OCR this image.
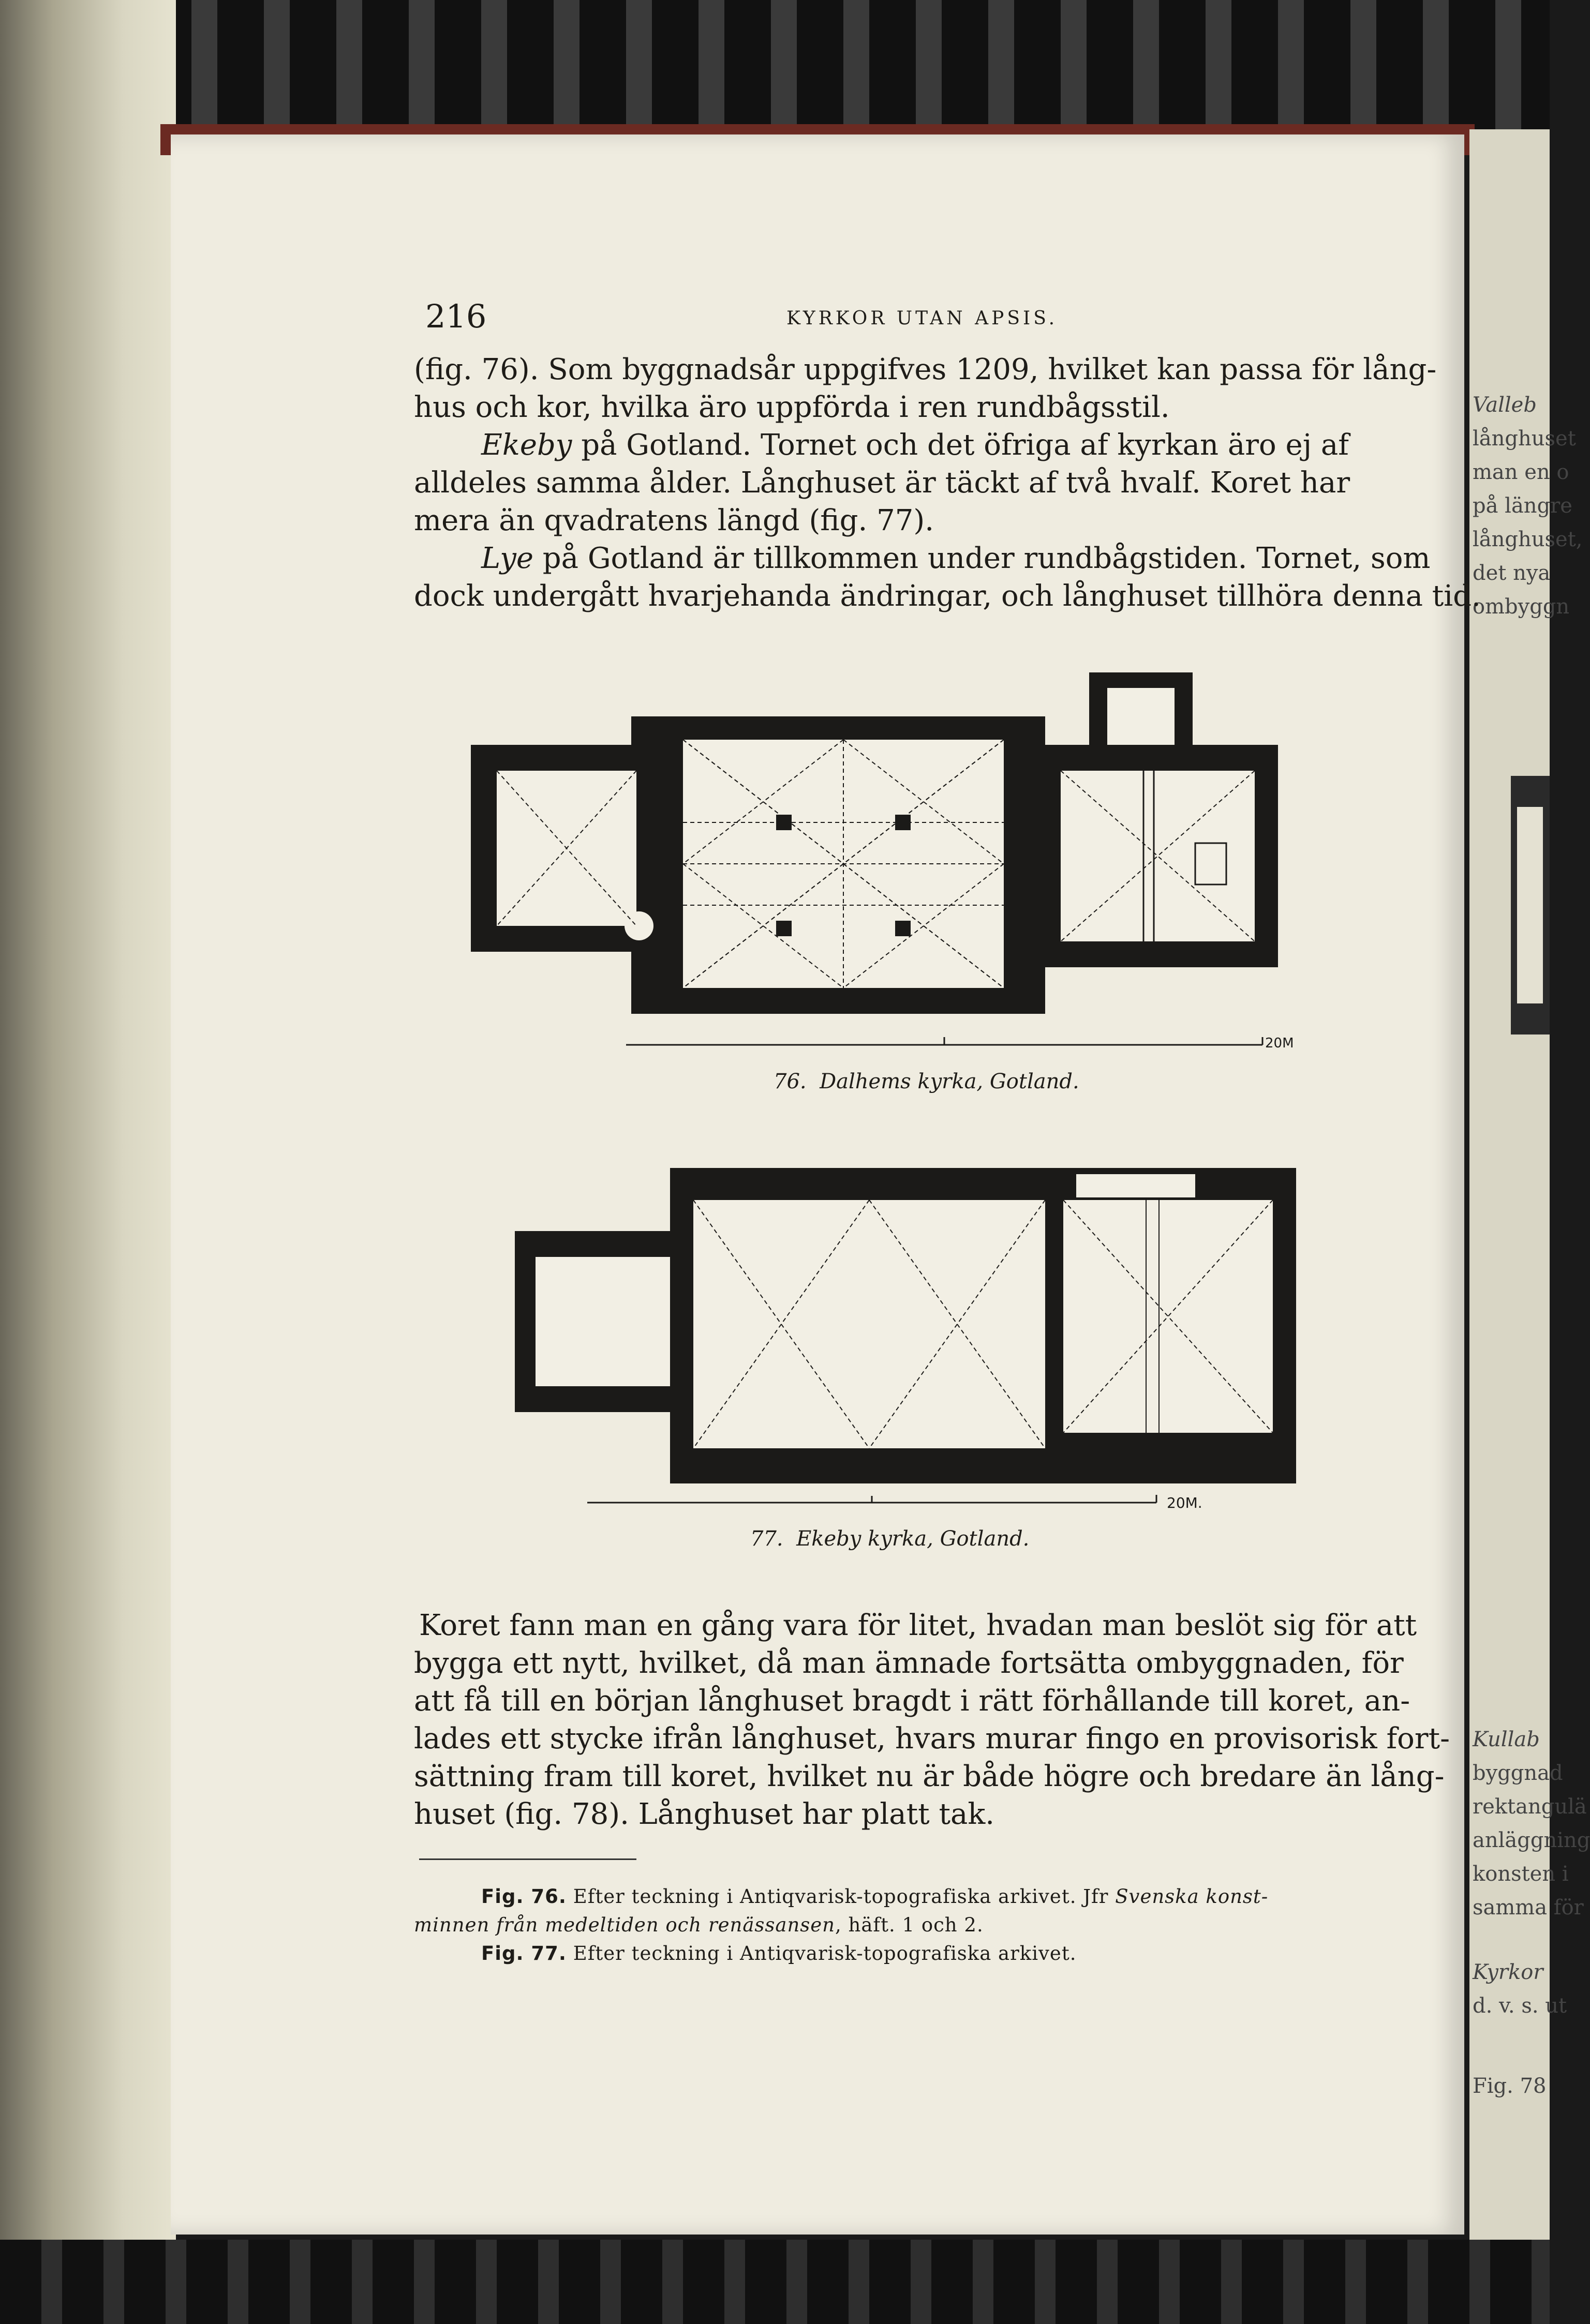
Valleb
långhuset
man en o
på längre
långhuset,
det nya
ombyggn
Kullab
byggnad
rektangulä
anläggning
konsten i
samma för
Kyrkor
d. v. s. ut
Fig. 78
216	KYRKOR UTAN APSIS.
(fig. 76). Som byggnadsår uppgifves 1209, hvilket kan passa för lång-
hus och kor, hvilka äro uppförda i ren rundbågsstil.
Ekeby på Gotland. Tornet och det öfriga af kyrkan äro ej af
alldeles samma ålder. Långhuset är täckt af två hvalf. Koret har
mera än qvadratens längd (fig. 77).
Lye på Gotland är tillkommen under rundbågstiden. Tornet, som
dock undergått hvarjehanda ändringar, och långhuset tillhöra denna tid.
20M
76. Dalhems kyrka, Gotland.
20M.
77. Ekeby kyrka, Gotland.
Koret fann man en gång vara för litet, hvadan man beslöt sig för att
bygga ett nytt, hvilket, då man ämnade fortsätta ombyggnaden, för
att få till en början långhuset bragdt i rätt förhållande till koret, an-
lades ett stycke ifrån långhuset, hvars murar fingo en provisorisk fort-
sättning fram till koret, hvilket nu är både högre och bredare än lång-
huset (fig. 78). Långhuset har platt tak.
Fig. 76. Efter teckning i Antiqvarisk-topografiska arkivet. Jfr Svenska konst-
minnen från medeltiden och renässansen, häft. 1 och 2.
Fig. 77. Efter teckning i Antiqvarisk-topografiska arkivet.
